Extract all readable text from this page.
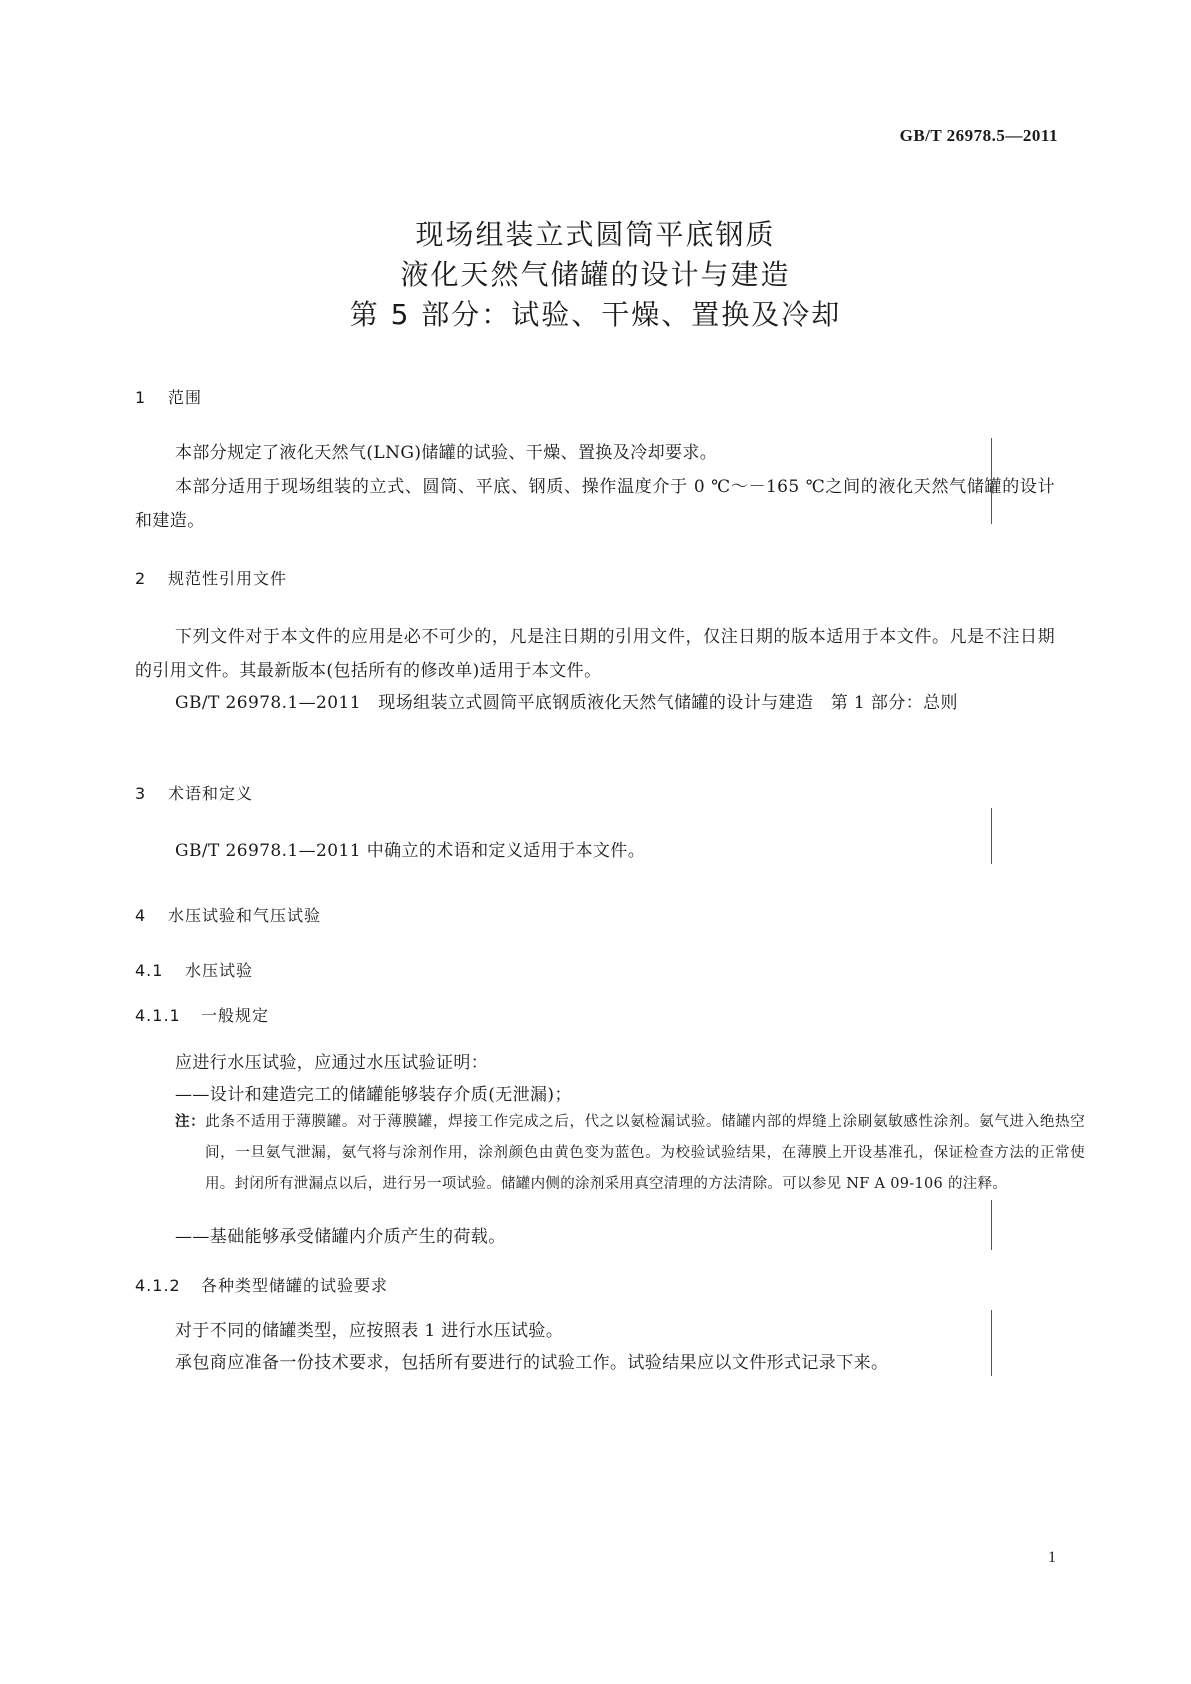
GB/T 26978.5—2011
现场组装立式圆筒平底钢质
液化天然气储罐的设计与建造
第 5 部分：试验、干燥、置换及冷却
1 范围
本部分规定了液化天然气(LNG)储罐的试验、干燥、置换及冷却要求。
本部分适用于现场组装的立式、圆筒、平底、钢质、操作温度介于 0 ℃～－165 ℃之间的液化天然气储罐的设计和建造。
2 规范性引用文件
下列文件对于本文件的应用是必不可少的，凡是注日期的引用文件，仅注日期的版本适用于本文件。凡是不注日期的引用文件。其最新版本(包括所有的修改单)适用于本文件。
GB/T 26978.1—2011　现场组装立式圆筒平底钢质液化天然气储罐的设计与建造　第 1 部分：总则
3 术语和定义
GB/T 26978.1—2011 中确立的术语和定义适用于本文件。
4 水压试验和气压试验
4.1 水压试验
4.1.1 一般规定
应进行水压试验，应通过水压试验证明：
——设计和建造完工的储罐能够装存介质(无泄漏)；
注：此条不适用于薄膜罐。对于薄膜罐，焊接工作完成之后，代之以氨检漏试验。储罐内部的焊缝上涂刷氨敏感性涂剂。氨气进入绝热空间，一旦氨气泄漏，氨气将与涂剂作用，涂剂颜色由黄色变为蓝色。为校验试验结果，在薄膜上开设基准孔，保证检查方法的正常使用。封闭所有泄漏点以后，进行另一项试验。储罐内侧的涂剂采用真空清理的方法清除。可以参见 NF A 09-106 的注释。
——基础能够承受储罐内介质产生的荷载。
4.1.2 各种类型储罐的试验要求
对于不同的储罐类型，应按照表 1 进行水压试验。
承包商应准备一份技术要求，包括所有要进行的试验工作。试验结果应以文件形式记录下来。
1
